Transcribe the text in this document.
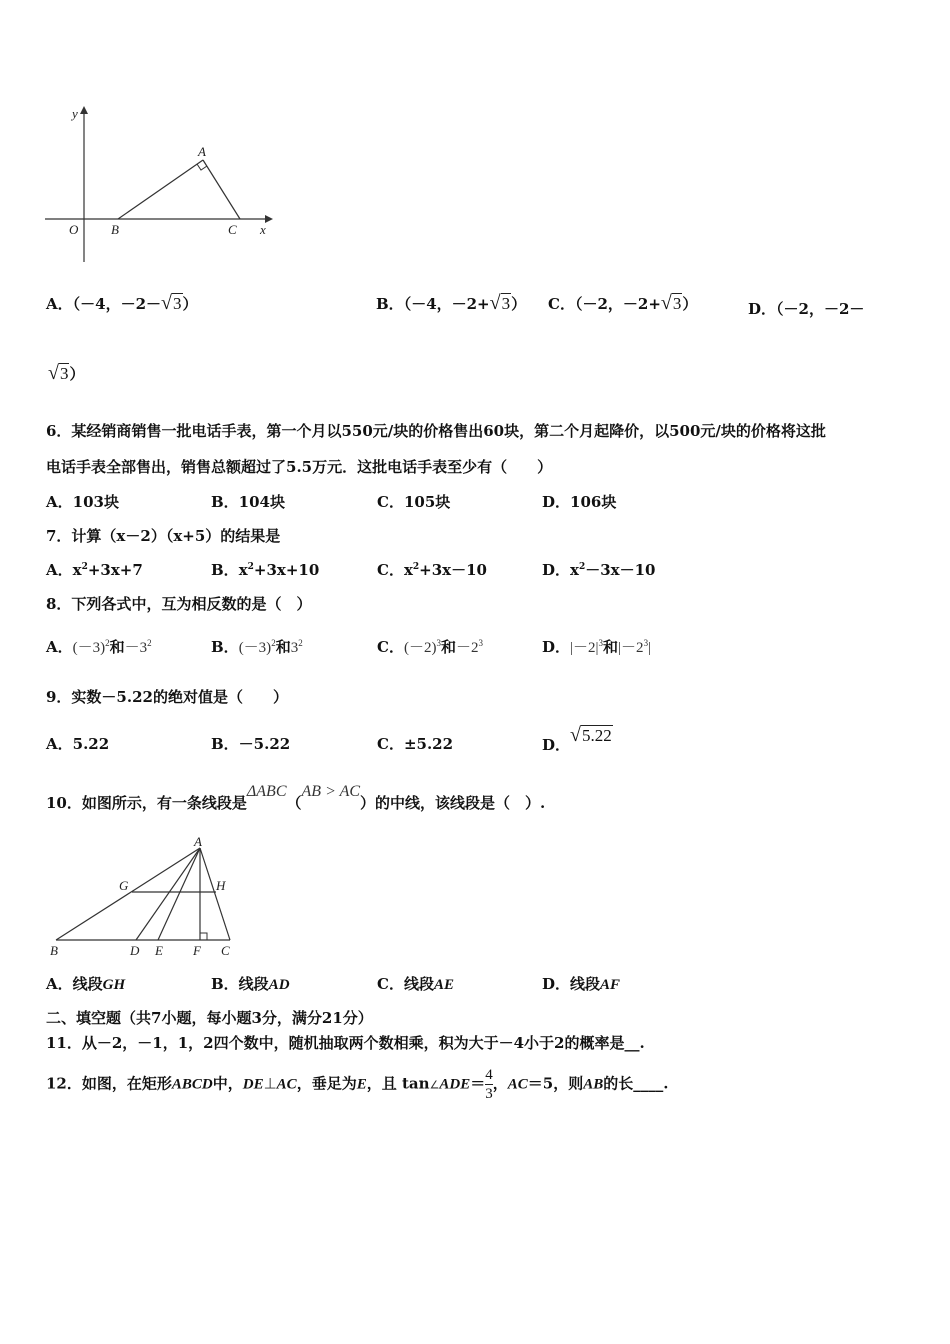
y
x
O
A
B	C
A．（－4，－2－√3）	B．（－4，－2+√3） C．（－2，－2+√3）	D．（－2，－2－
√3）
6．某经销商销售一批电话手表，第一个月以550元/块的价格售出60块，第二个月起降价，以500元/块的价格将这批
电话手表全部售出，销售总额超过了5.5万元．这批电话手表至少有（　　）
A．103块	B．104块	C．105块	D．106块
7．计算（x－2）（x+5）的结果是
A．$x^2+3x+7$	B．$x^2+3x+10$	C．$x^2+3x-10$	D．$x^2-3x-10$
8．下列各式中，互为相反数的是（　）
A．$(-3)^2$和$-3^2$	B．$(-3)^2$和$3^2$	C．$(-2)^3$和$-2^3$	D．$|-2|^3$和$|-2^3|$
9．实数－5.22的绝对值是（　　）
A．5.22	B．－5.22	C．±5.22	D．√5.22
10．如图所示，有一条线段是ΔABC（AB > AC）的中线，该线段是（　）.
A
B	C
D E F
G	H
A．线段GH	B．线段AD	C．线段AE	D．线段AF
二、填空题（共7小题，每小题3分，满分21分）
11．从－2，－1，1，2四个数中，随机抽取两个数相乘，积为大于－4小于2的概率是__.
12．如图，在矩形ABCD中，DE⊥AC，垂足为E，且 tan∠ADE＝ $\frac{4}{3}$ ，AC＝5，则AB的长____.
